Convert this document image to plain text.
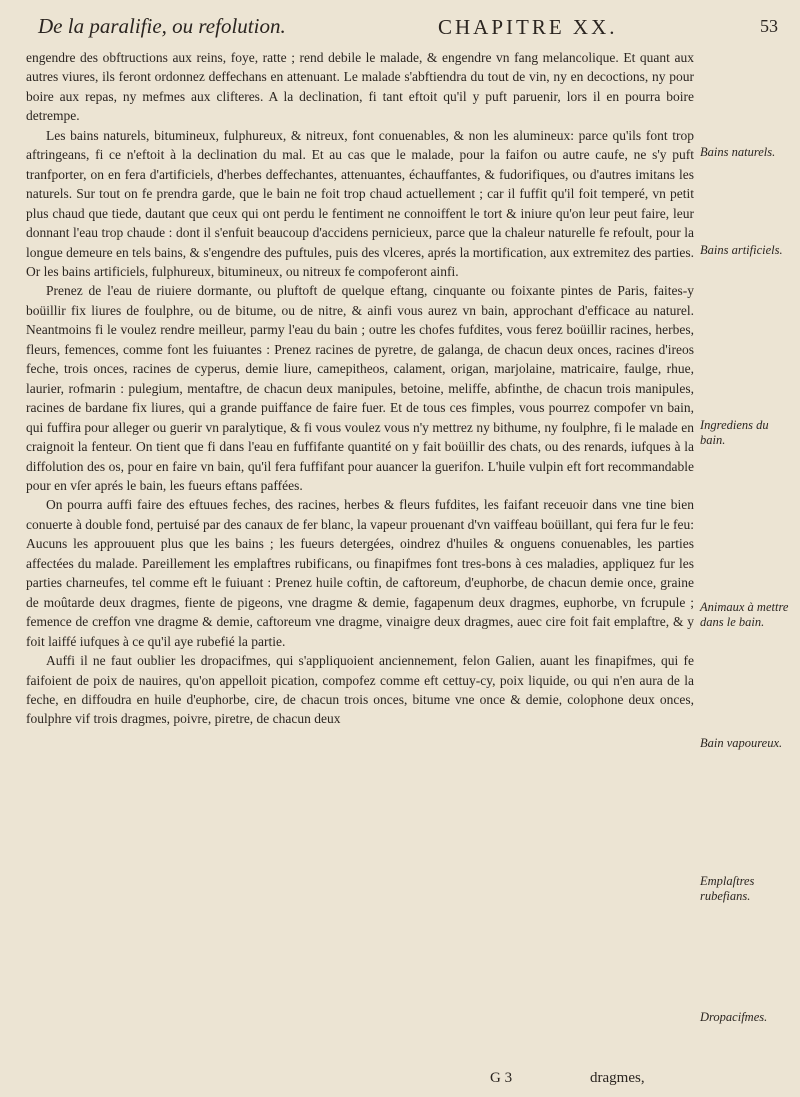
De la paralifie, ou refolution.	CHAPITRE XX.	53

engendre des obftructions aux reins, foye, ratte ; rend debile le malade, & engendre vn fang melancolique. Et quant aux autres viures, ils feront ordonnez deffechans en attenuant. Le malade s'abftiendra du tout de vin, ny en decoctions, ny pour boire aux repas, ny mefmes aux clifteres. A la declination, fi tant eftoit qu'il y puft paruenir, lors il en pourra boire detrempe.

Les bains naturels, bitumineux, fulphureux, & nitreux, font conuenables, & non les alumineux: parce qu'ils font trop aftringeans, fi ce n'eftoit à la declination du mal. Et au cas que le malade, pour la faifon ou autre caufe, ne s'y puft tranfporter, on en fera d'artificiels, d'herbes deffechantes, attenuantes, échauffantes, & fudorifiques, ou d'autres imitans les naturels. Sur tout on fe prendra garde, que le bain ne foit trop chaud actuellement ; car il fuffit qu'il foit temperé, vn petit plus chaud que tiede, dautant que ceux qui ont perdu le fentiment ne connoiffent le tort & iniure qu'on leur peut faire, leur donnant l'eau trop chaude : dont il s'enfuit beaucoup d'accidens pernicieux, parce que la chaleur naturelle fe refoult, pour la longue demeure en tels bains, & s'engendre des puftules, puis des vlceres, aprés la mortification, aux extremitez des parties. Or les bains artificiels, fulphureux, bitumineux, ou nitreux fe compoferont ainfi.

Prenez de l'eau de riuiere dormante, ou pluftoft de quelque eftang, cinquante ou foixante pintes de Paris, faites-y boüillir fix liures de foulphre, ou de bitume, ou de nitre, & ainfi vous aurez vn bain, approchant d'efficace au naturel. Neantmoins fi le voulez rendre meilleur, parmy l'eau du bain ; outre les chofes fufdites, vous ferez boüillir racines, herbes, fleurs, femences, comme font les fuiuantes : Prenez racines de pyretre, de galanga, de chacun deux onces, racines d'ireos feche, trois onces, racines de cyperus, demie liure, camepitheos, calament, origan, marjolaine, matricaire, faulge, rhue, laurier, rofmarin : pulegium, mentaftre, de chacun deux manipules, betoine, meliffe, abfinthe, de chacun trois manipules, racines de bardane fix liures, qui a grande puiffance de faire fuer. Et de tous ces fimples, vous pourrez compofer vn bain, qui fuffira pour alleger ou guerir vn paralytique, & fi vous voulez vous n'y mettrez ny bithume, ny foulphre, fi le malade en craignoit la fenteur. On tient que fi dans l'eau en fuffifante quantité on y fait boüillir des chats, ou des renards, iufques à la diffolution des os, pour en faire vn bain, qu'il fera fuffifant pour auancer la guerifon. L'huile vulpin eft fort recommandable pour en vſer aprés le bain, les fueurs eftans paffées.

On pourra auffi faire des eftuues feches, des racines, herbes & fleurs fufdites, les faifant receuoir dans vne tine bien conuerte à double fond, pertuisé par des canaux de fer blanc, la vapeur prouenant d'vn vaiffeau boüillant, qui fera fur le feu: Aucuns les approuuent plus que les bains ; les fueurs detergées, oindrez d'huiles & onguens conuenables, les parties affectées du malade. Pareillement les emplaftres rubificans, ou finapifmes font tres-bons à ces maladies, appliquez fur les parties charneufes, tel comme eft le fuiuant : Prenez huile coftin, de caftoreum, d'euphorbe, de chacun demie once, graine de moûtarde deux dragmes, fiente de pigeons, vne dragme & demie, fagapenum deux dragmes, euphorbe, vn fcrupule ; femence de creffon vne dragme & demie, caftoreum vne dragme, vinaigre deux dragmes, auec cire foit fait emplaftre, & y foit laiffé iufques à ce qu'il aye rubefié la partie.

Auffi il ne faut oublier les dropacifmes, qui s'appliquoient anciennement, felon Galien, auant les finapifmes, qui fe faifoient de poix de nauires, qu'on appelloit pication, compofez comme eft cettuy-cy, poix liquide, ou qui n'en aura de la feche, en diffoudra en huile d'euphorbe, cire, de chacun trois onces, bitume vne once & demie, colophone deux onces, foulphre vif trois dragmes, poivre, piretre, de chacun deux

Bains naturels.
Bains artificiels.
Ingrediens du bain.
Animaux à mettre dans le bain.
Bain vapoureux.
Emplaſtres rubefians.
Dropacifmes.
G 3	dragmes,
